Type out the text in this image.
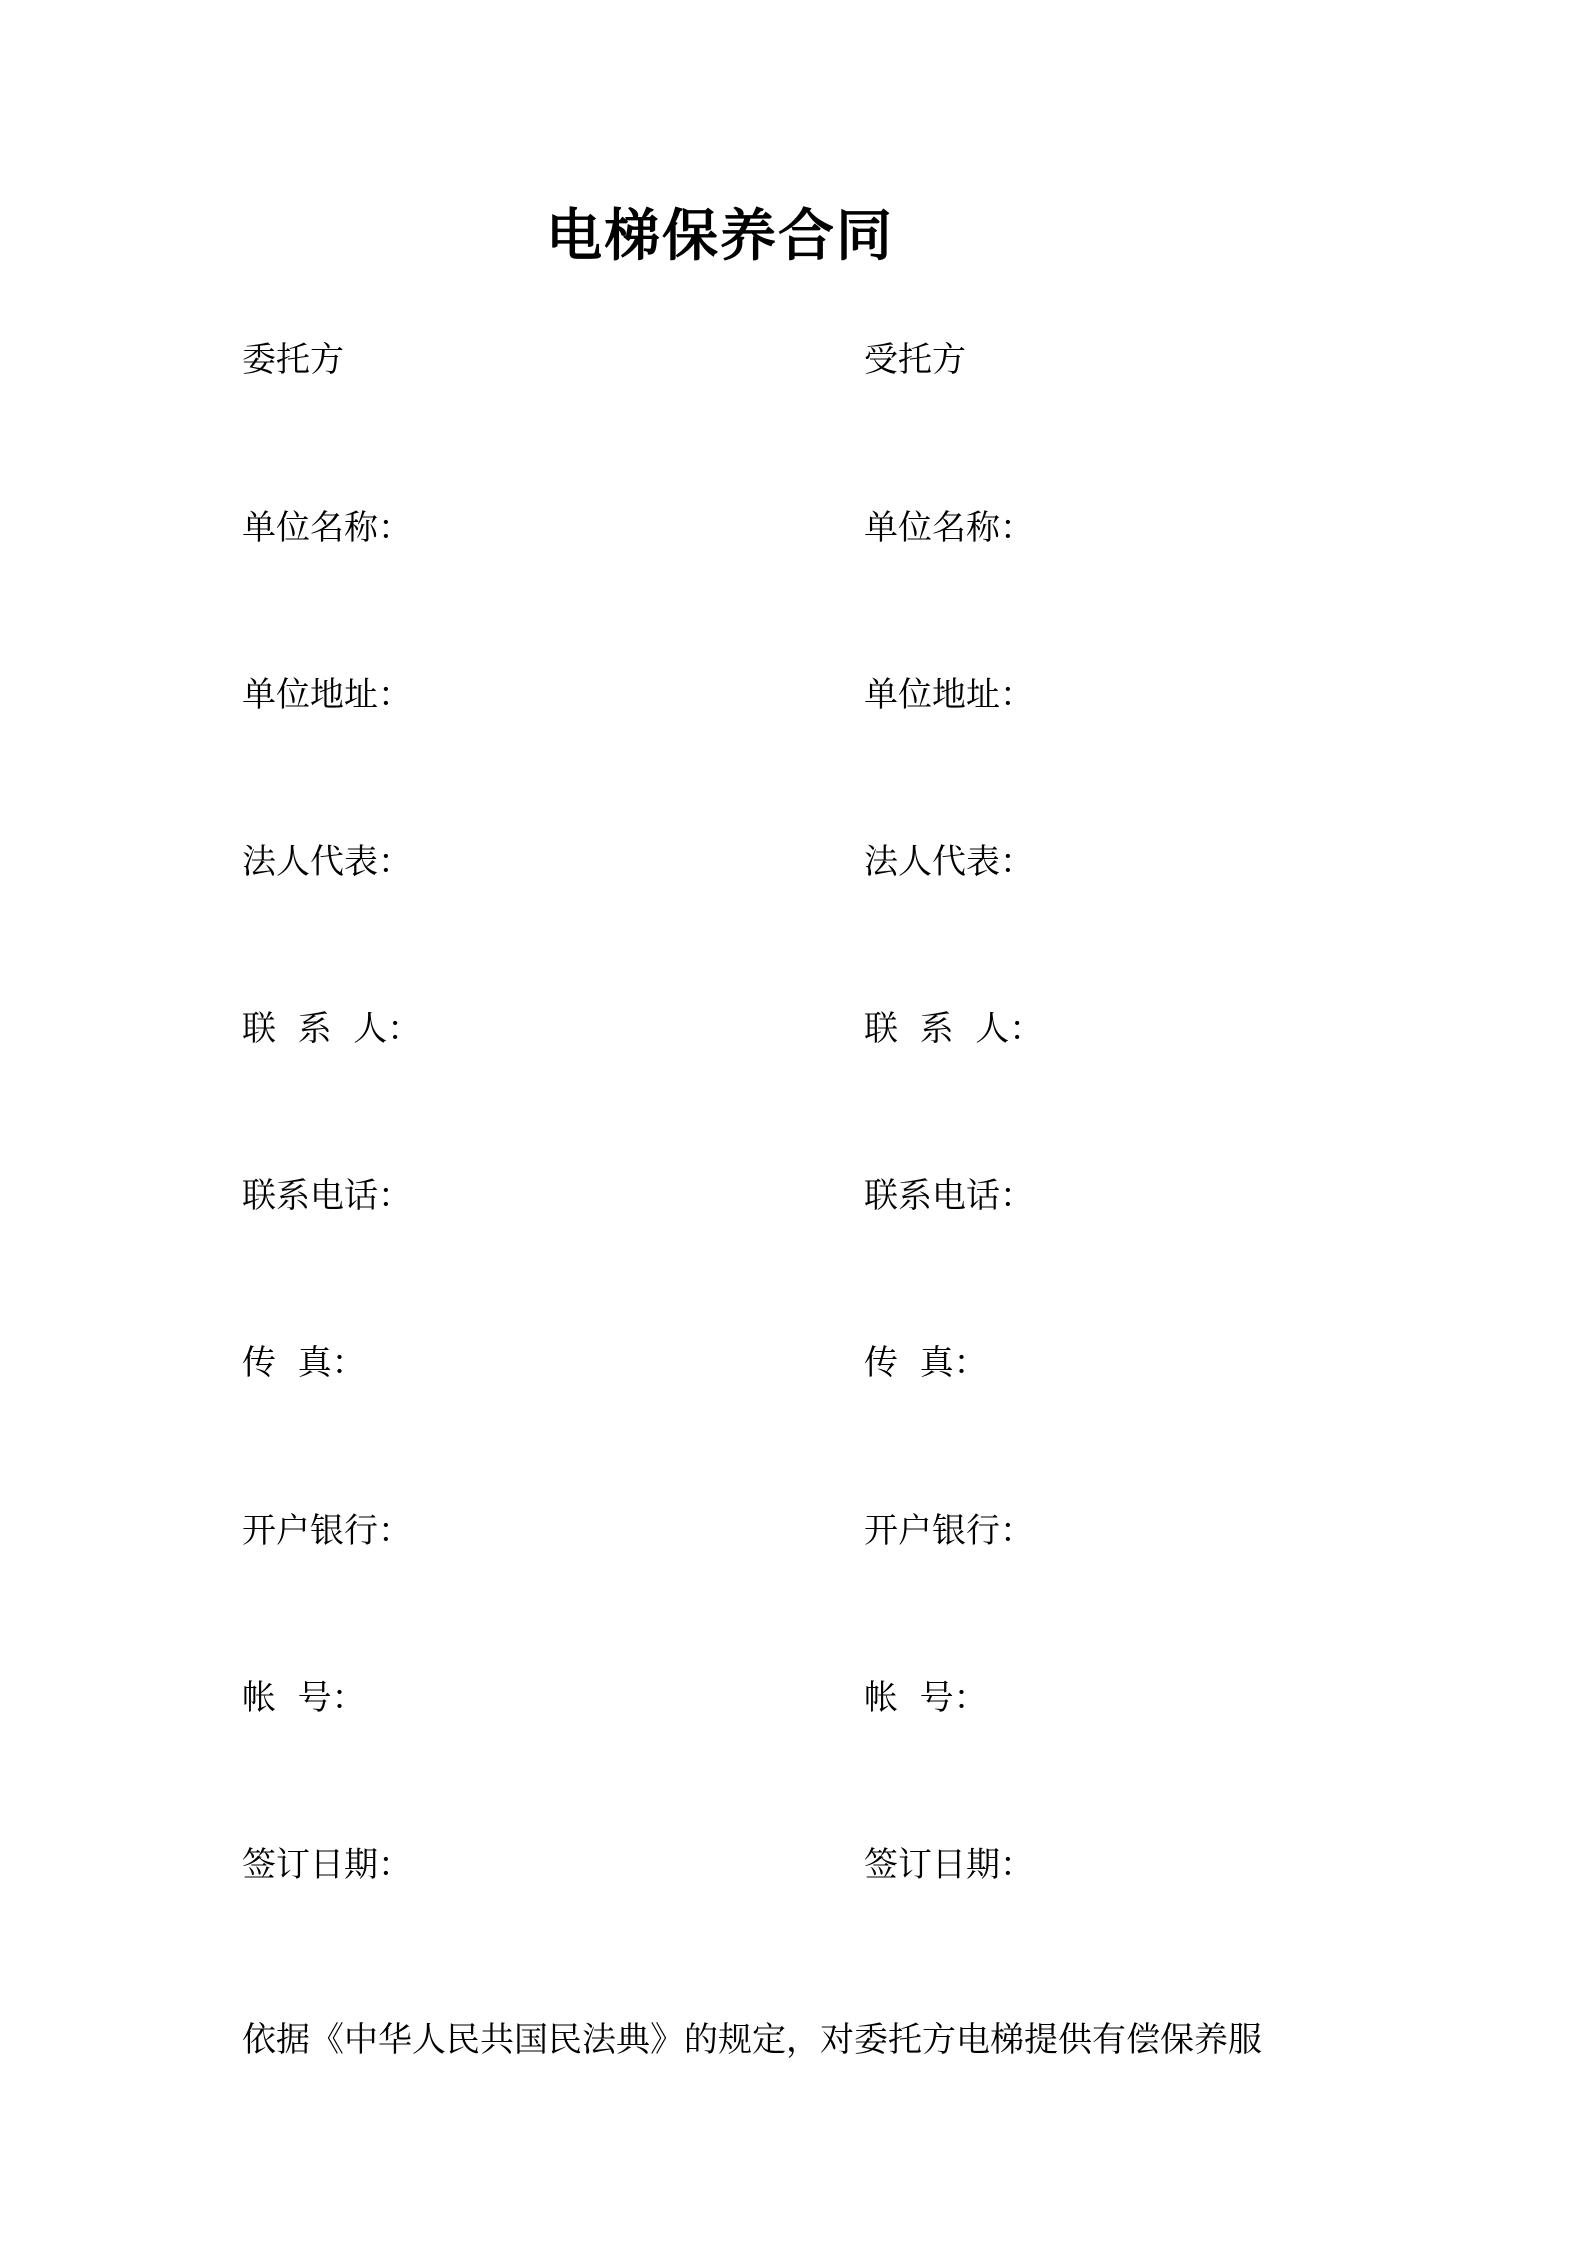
电梯保养合同
委托方
单位名称：
单位地址：
法人代表：
联  系  人：
联系电话：
传  真：
开户银行：
帐  号：
签订日期：
受托方
单位名称：
单位地址：
法人代表：
联  系  人：
联系电话：
传  真：
开户银行：
帐  号：
签订日期：
依据《中华人民共国民法典》的规定，对委托方电梯提供有偿保养服
